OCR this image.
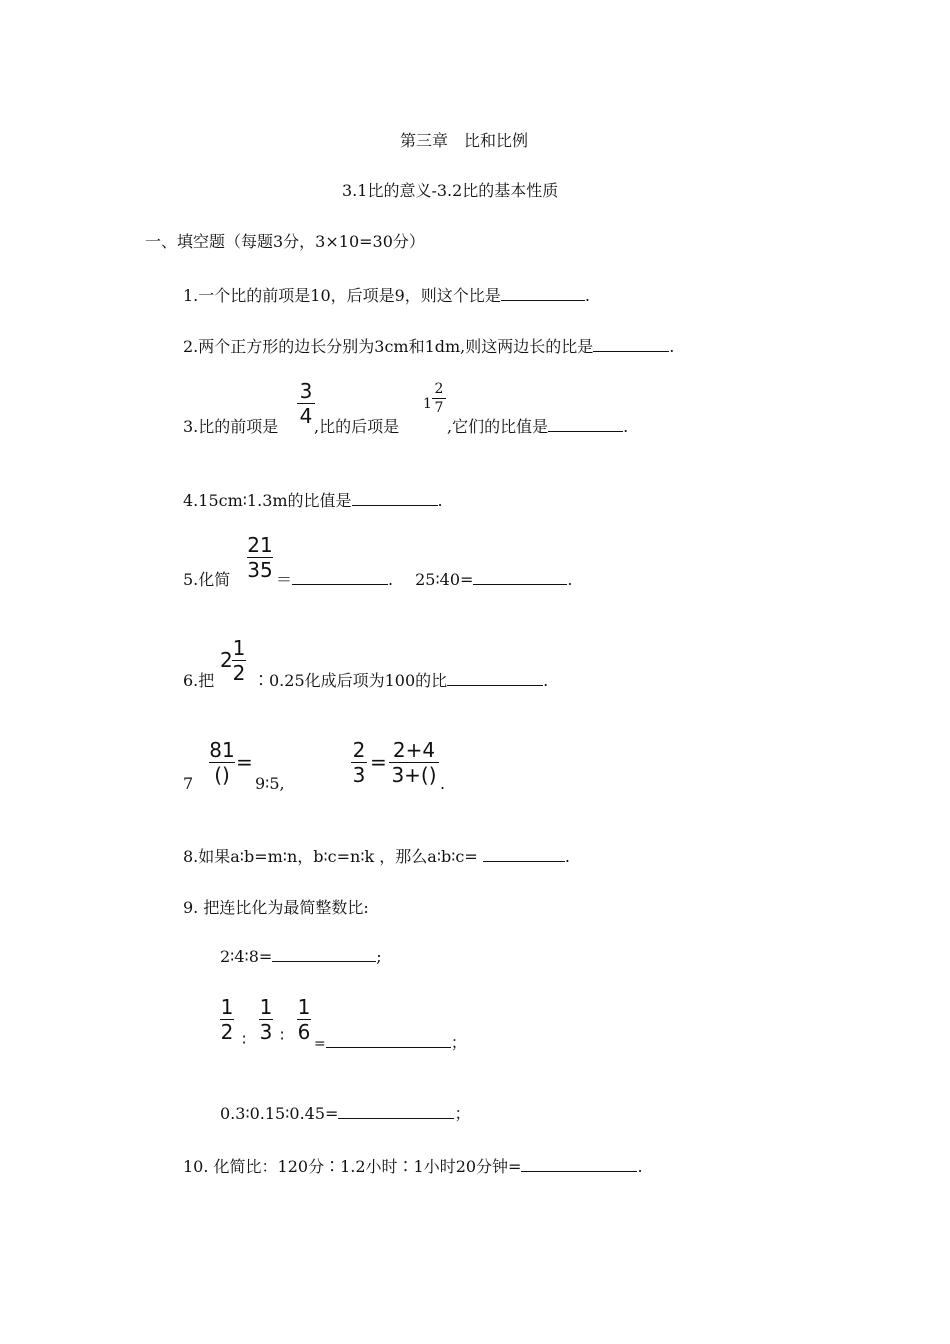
第三章　比和比例
3.1比的意义-3.2比的基本性质
一、填空题（每题3分，3×10=30分）
1.一个比的前项是10，后项是9，则这个比是	.
2.两个正方形的边长分别为3cm和1dm,则这两边长的比是	.
3.比的前项是
3
4 ,比的后项是
1
2
7
,它们的比值是	.
4.15cm∶1.3m的比值是	.
5.化简
21
35 ＝	. 25∶40=	.
6.把
2 1
2 ∶0.25化成后项为100的比	.
7
81
()
=
9∶5,
2
3
= 2+4
3+() .
8.如果a∶b=m∶n，b∶c=n∶k ，那么a∶b∶c=	.
9. 把连比化为最简整数比:
2∶4∶8=	;
1
2 ∶
1
3 ∶
1
6 =	；
0.3∶0.15∶0.45=	；
10. 化简比：120分∶1.2小时∶1小时20分钟=	.
